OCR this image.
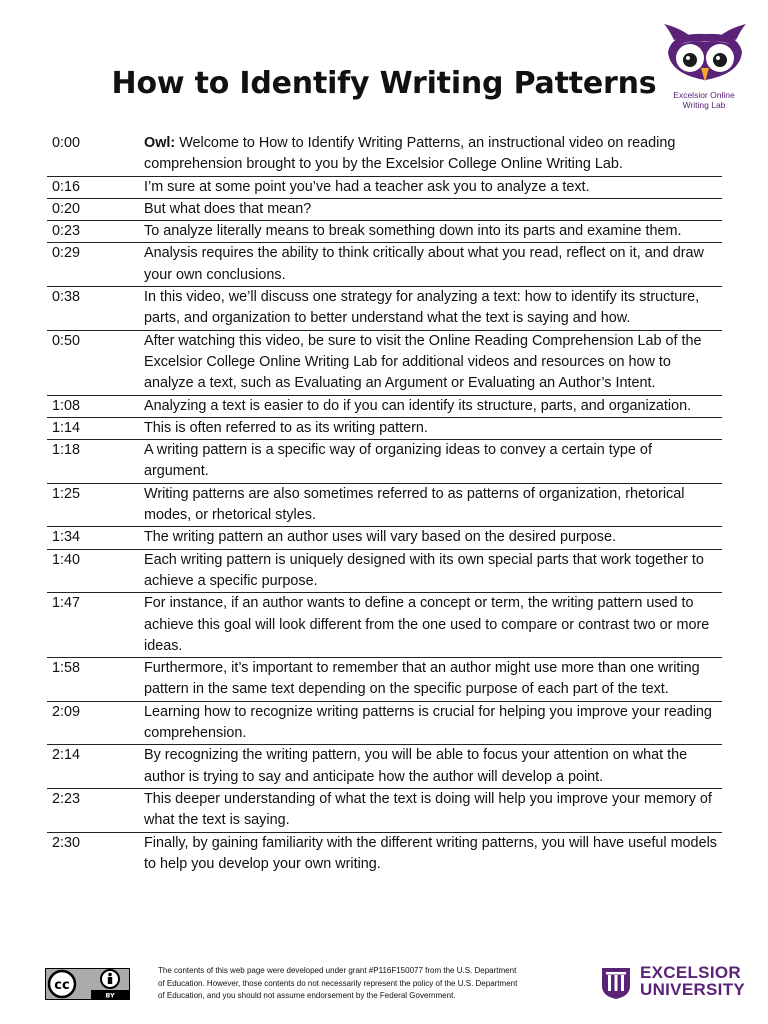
How to Identify Writing Patterns	Excelsior Online
Writing Lab
0:00	Owl: Welcome to How to Identify Writing Patterns, an instructional video on reading comprehension brought to you by the Excelsior College Online Writing Lab.
0:16	I’m sure at some point you’ve had a teacher ask you to analyze a text.
0:20	But what does that mean?
0:23	To analyze literally means to break something down into its parts and examine them.
0:29	Analysis requires the ability to think critically about what you read, reflect on it, and draw your own conclusions.
0:38	In this video, we’ll discuss one strategy for analyzing a text: how to identify its structure, parts, and organization to better understand what the text is saying and how.
0:50	After watching this video, be sure to visit the Online Reading Comprehension Lab of the Excelsior College Online Writing Lab for additional videos and resources on how to analyze a text, such as Evaluating an Argument or Evaluating an Author’s Intent.
1:08	Analyzing a text is easier to do if you can identify its structure, parts, and organization.
1:14	This is often referred to as its writing pattern.
1:18	A writing pattern is a specific way of organizing ideas to convey a certain type of argument.
1:25	Writing patterns are also sometimes referred to as patterns of organization, rhetorical modes, or rhetorical styles.
1:34	The writing pattern an author uses will vary based on the desired purpose.
1:40	Each writing pattern is uniquely designed with its own special parts that work together to achieve a specific purpose.
1:47	For instance, if an author wants to define a concept or term, the writing pattern used to achieve this goal will look different from the one used to compare or contrast two or more ideas.
1:58	Furthermore, it’s important to remember that an author might use more than one writing pattern in the same text depending on the specific purpose of each part of the text.
2:09	Learning how to recognize writing patterns is crucial for helping you improve your reading comprehension.
2:14	By recognizing the writing pattern, you will be able to focus your attention on what the author is trying to say and anticipate how the author will develop a point.
2:23	This deeper understanding of what the text is doing will help you improve your memory of what the text is saying.
2:30	Finally, by gaining familiarity with the different writing patterns, you will have useful models to help you develop your own writing.
cc
BY
The contents of this web page were developed under grant #P116F150077 from the U.S. Department
of Education. However, those contents do not necessarily represent the policy of the U.S. Department
of Education, and you should not assume endorsement by the Federal Government.
EXCELSIOR
UNIVERSITY
